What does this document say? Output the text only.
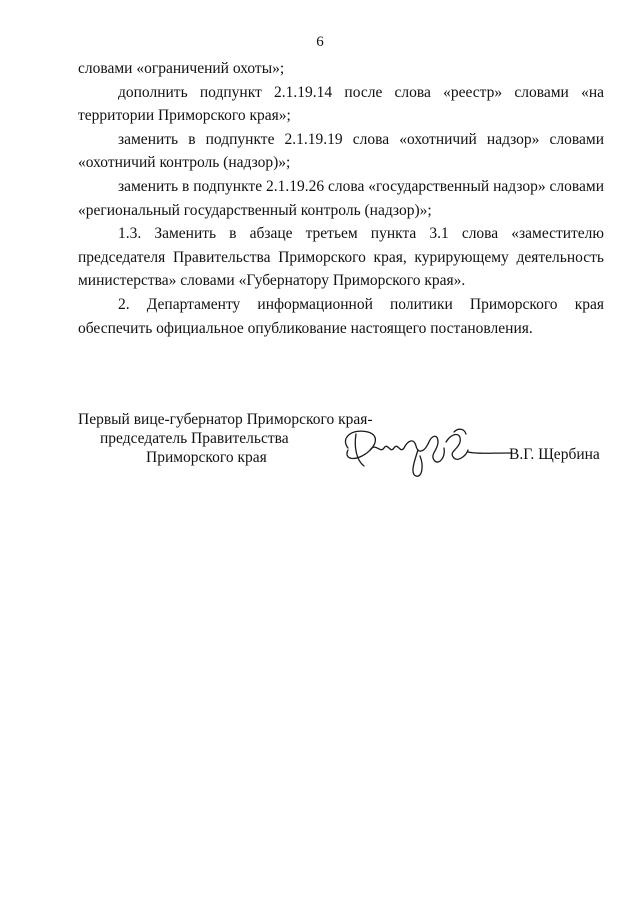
6

словами «ограничений охоты»;

дополнить подпункт 2.1.19.14 после слова «реестр» словами «на территории Приморского края»;

заменить в подпункте 2.1.19.19 слова «охотничий надзор» словами «охотничий контроль (надзор)»;

заменить в подпункте 2.1.19.26 слова «государственный надзор» словами «региональный государственный контроль (надзор)»;

1.3. Заменить в абзаце третьем пункта 3.1 слова «заместителю председателя Правительства Приморского края, курирующему деятельность министерства» словами «Губернатору Приморского края».

2. Департаменту информационной политики Приморского края обеспечить официальное опубликование настоящего постановления.

Первый вице-губернатор Приморского края-
председатель Правительства
Приморского края	В.Г. Щербина
